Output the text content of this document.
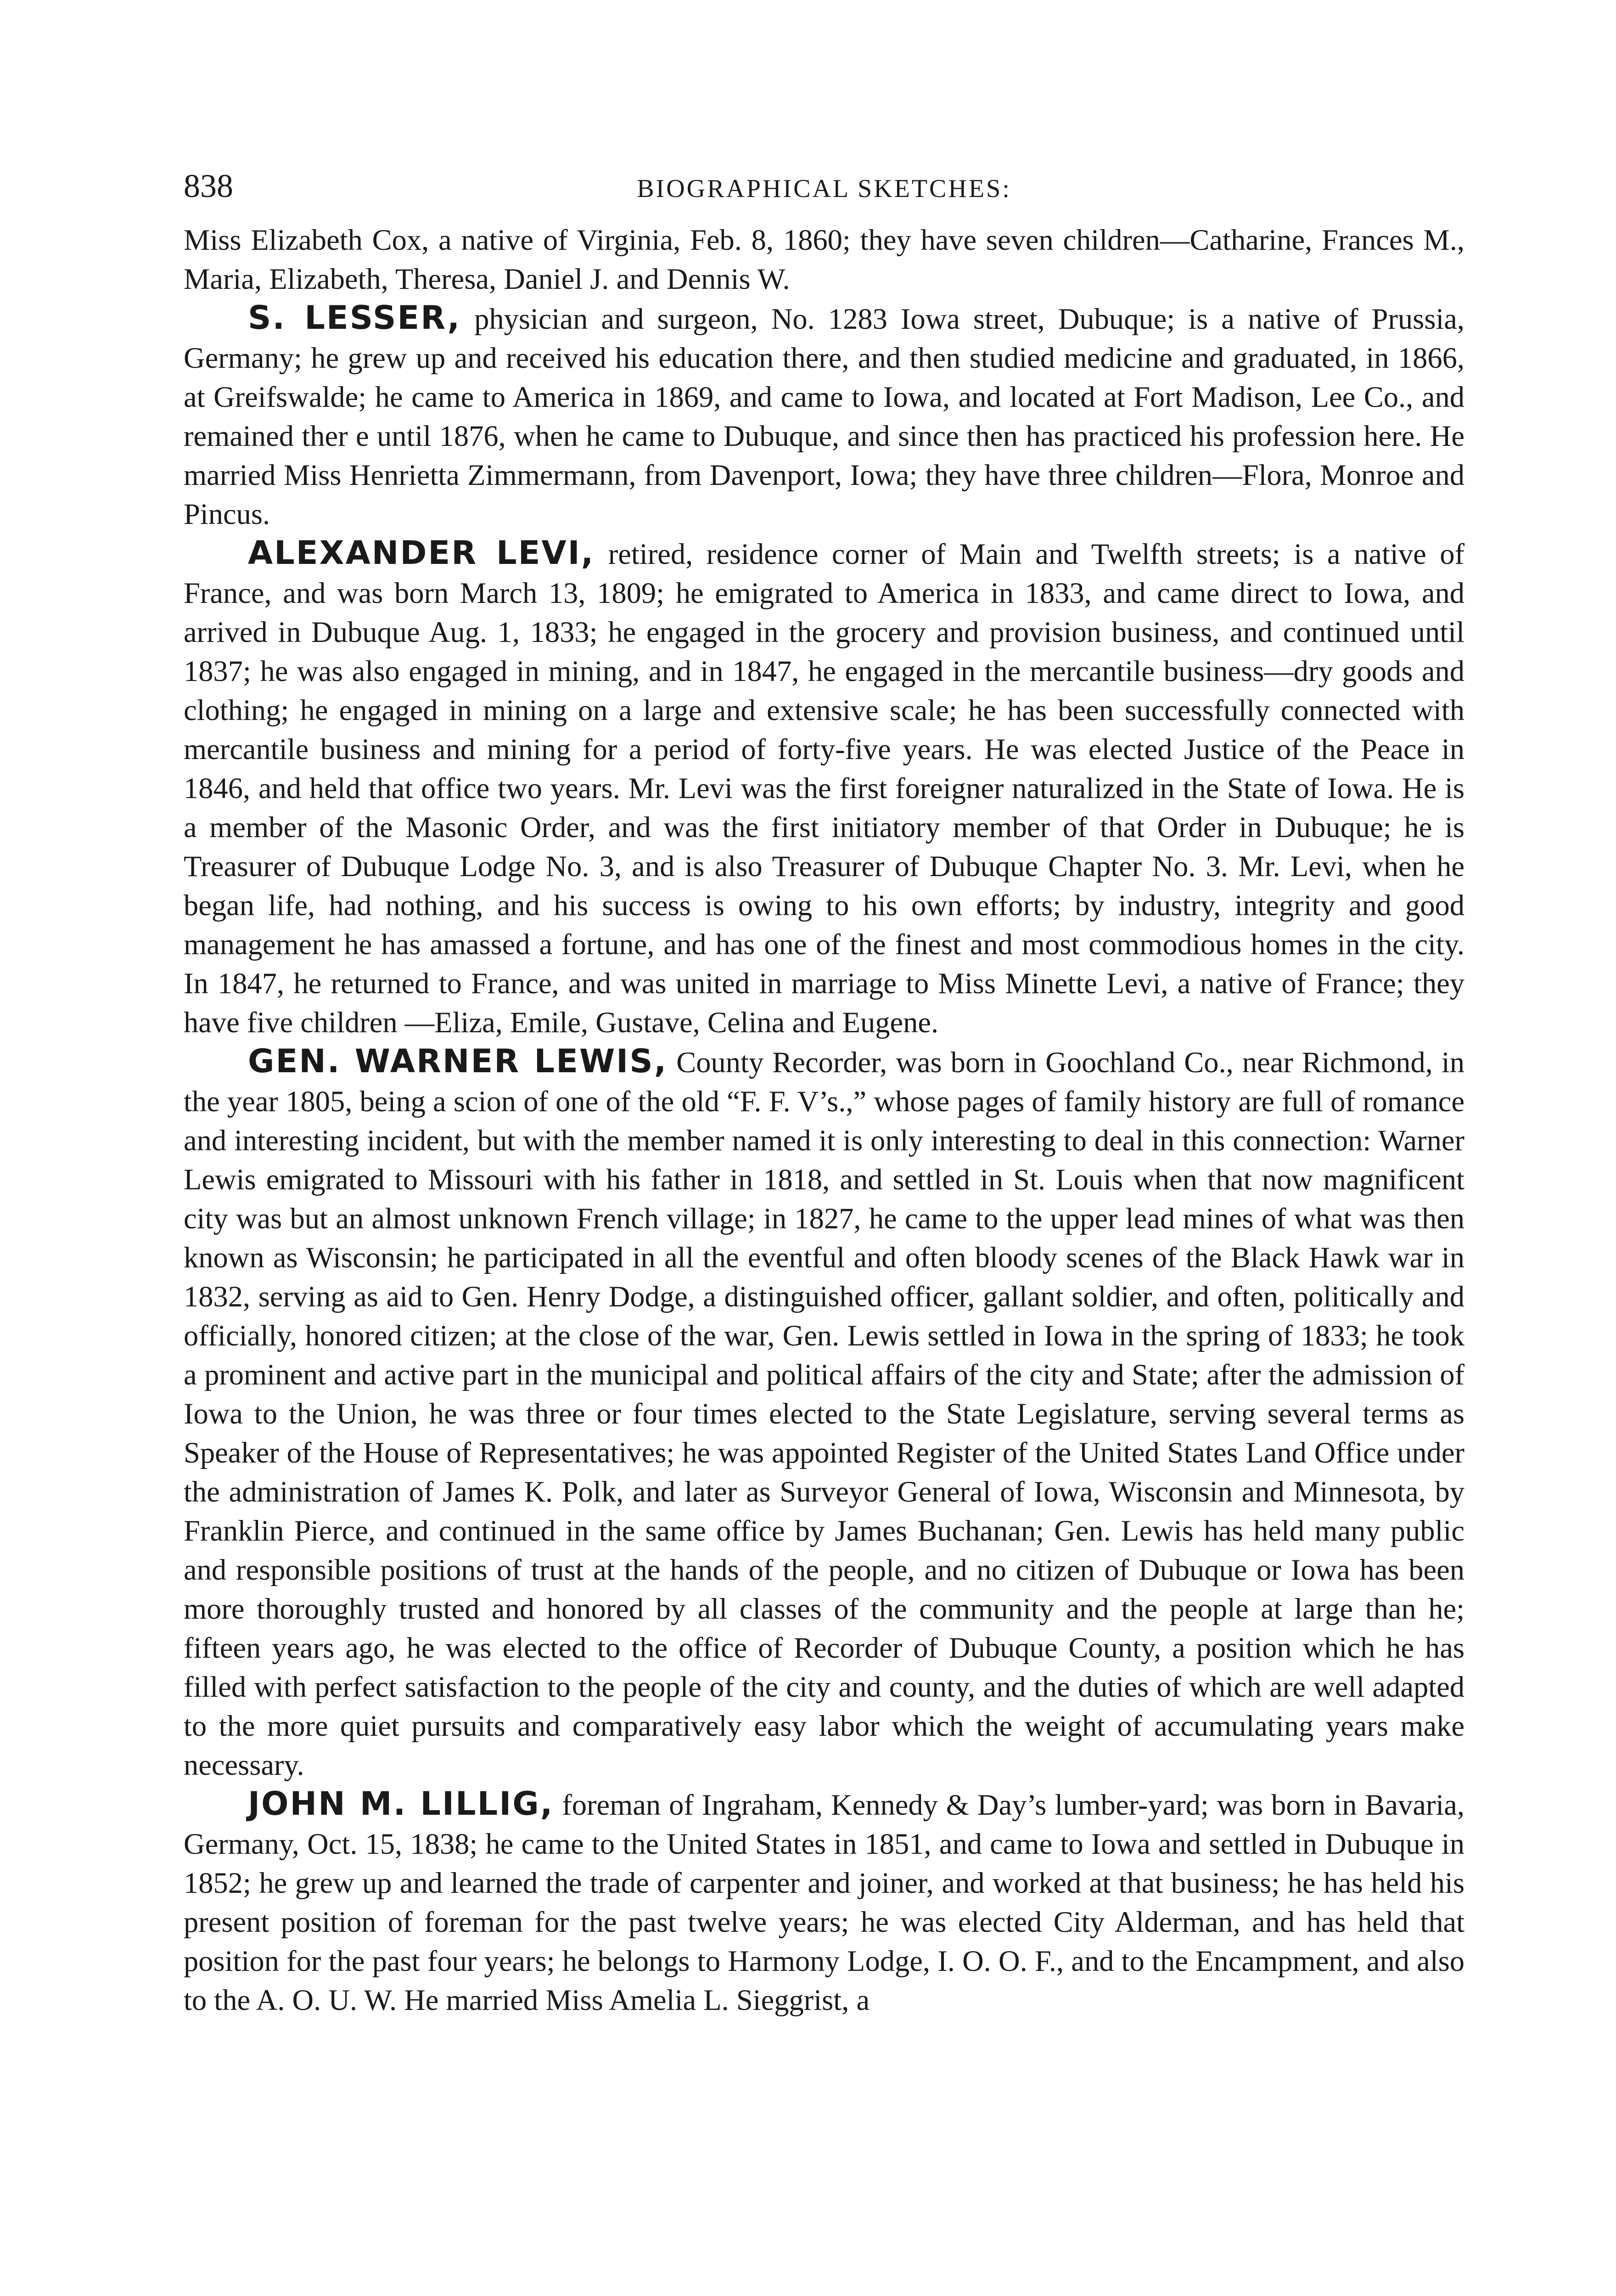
838	BIOGRAPHICAL SKETCHES:

Miss Elizabeth Cox, a native of Virginia, Feb. 8, 1860; they have seven children—Catharine, Frances M., Maria, Elizabeth, Theresa, Daniel J. and Dennis W.

S. LESSER, physician and surgeon, No. 1283 Iowa street, Dubuque; is a native of Prussia, Germany; he grew up and received his education there, and then studied medicine and graduated, in 1866, at Greifswalde; he came to America in 1869, and came to Iowa, and located at Fort Madison, Lee Co., and remained ther e until 1876, when he came to Dubuque, and since then has practiced his profession here. He married Miss Henrietta Zimmermann, from Davenport, Iowa; they have three children—Flora, Monroe and Pincus.

ALEXANDER LEVI, retired, residence corner of Main and Twelfth streets; is a native of France, and was born March 13, 1809; he emigrated to America in 1833, and came direct to Iowa, and arrived in Dubuque Aug. 1, 1833; he engaged in the grocery and provision business, and continued until 1837; he was also engaged in mining, and in 1847, he engaged in the mercantile business—dry goods and clothing; he engaged in mining on a large and extensive scale; he has been successfully connected with mercantile business and mining for a period of forty-five years. He was elected Justice of the Peace in 1846, and held that office two years. Mr. Levi was the first foreigner naturalized in the State of Iowa. He is a member of the Masonic Order, and was the first initiatory member of that Order in Dubuque; he is Treasurer of Dubuque Lodge No. 3, and is also Treasurer of Dubuque Chapter No. 3. Mr. Levi, when he began life, had nothing, and his success is owing to his own efforts; by industry, integrity and good management he has amassed a fortune, and has one of the finest and most commodious homes in the city. In 1847, he returned to France, and was united in marriage to Miss Minette Levi, a native of France; they have five children —Eliza, Emile, Gustave, Celina and Eugene.

GEN. WARNER LEWIS, County Recorder, was born in Goochland Co., near Richmond, in the year 1805, being a scion of one of the old “F. F. V’s.,” whose pages of family history are full of romance and interesting incident, but with the member named it is only interesting to deal in this connection: Warner Lewis emigrated to Missouri with his father in 1818, and settled in St. Louis when that now magnificent city was but an almost unknown French village; in 1827, he came to the upper lead mines of what was then known as Wisconsin; he participated in all the eventful and often bloody scenes of the Black Hawk war in 1832, serving as aid to Gen. Henry Dodge, a distinguished officer, gallant soldier, and often, politically and officially, honored citizen; at the close of the war, Gen. Lewis settled in Iowa in the spring of 1833; he took a prominent and active part in the municipal and political affairs of the city and State; after the admission of Iowa to the Union, he was three or four times elected to the State Legislature, serving several terms as Speaker of the House of Representatives; he was appointed Register of the United States Land Office under the administration of James K. Polk, and later as Surveyor General of Iowa, Wisconsin and Minnesota, by Franklin Pierce, and continued in the same office by James Buchanan; Gen. Lewis has held many public and responsible positions of trust at the hands of the people, and no citizen of Dubuque or Iowa has been more thoroughly trusted and honored by all classes of the community and the people at large than he; fifteen years ago, he was elected to the office of Recorder of Dubuque County, a position which he has filled with perfect satisfaction to the people of the city and county, and the duties of which are well adapted to the more quiet pursuits and comparatively easy labor which the weight of accumulating years make necessary.

JOHN M. LILLIG, foreman of Ingraham, Kennedy & Day’s lumber-yard; was born in Bavaria, Germany, Oct. 15, 1838; he came to the United States in 1851, and came to Iowa and settled in Dubuque in 1852; he grew up and learned the trade of carpenter and joiner, and worked at that business; he has held his present position of foreman for the past twelve years; he was elected City Alderman, and has held that position for the past four years; he belongs to Harmony Lodge, I. O. O. F., and to the Encampment, and also to the A. O. U. W. He married Miss Amelia L. Sieggrist, a
